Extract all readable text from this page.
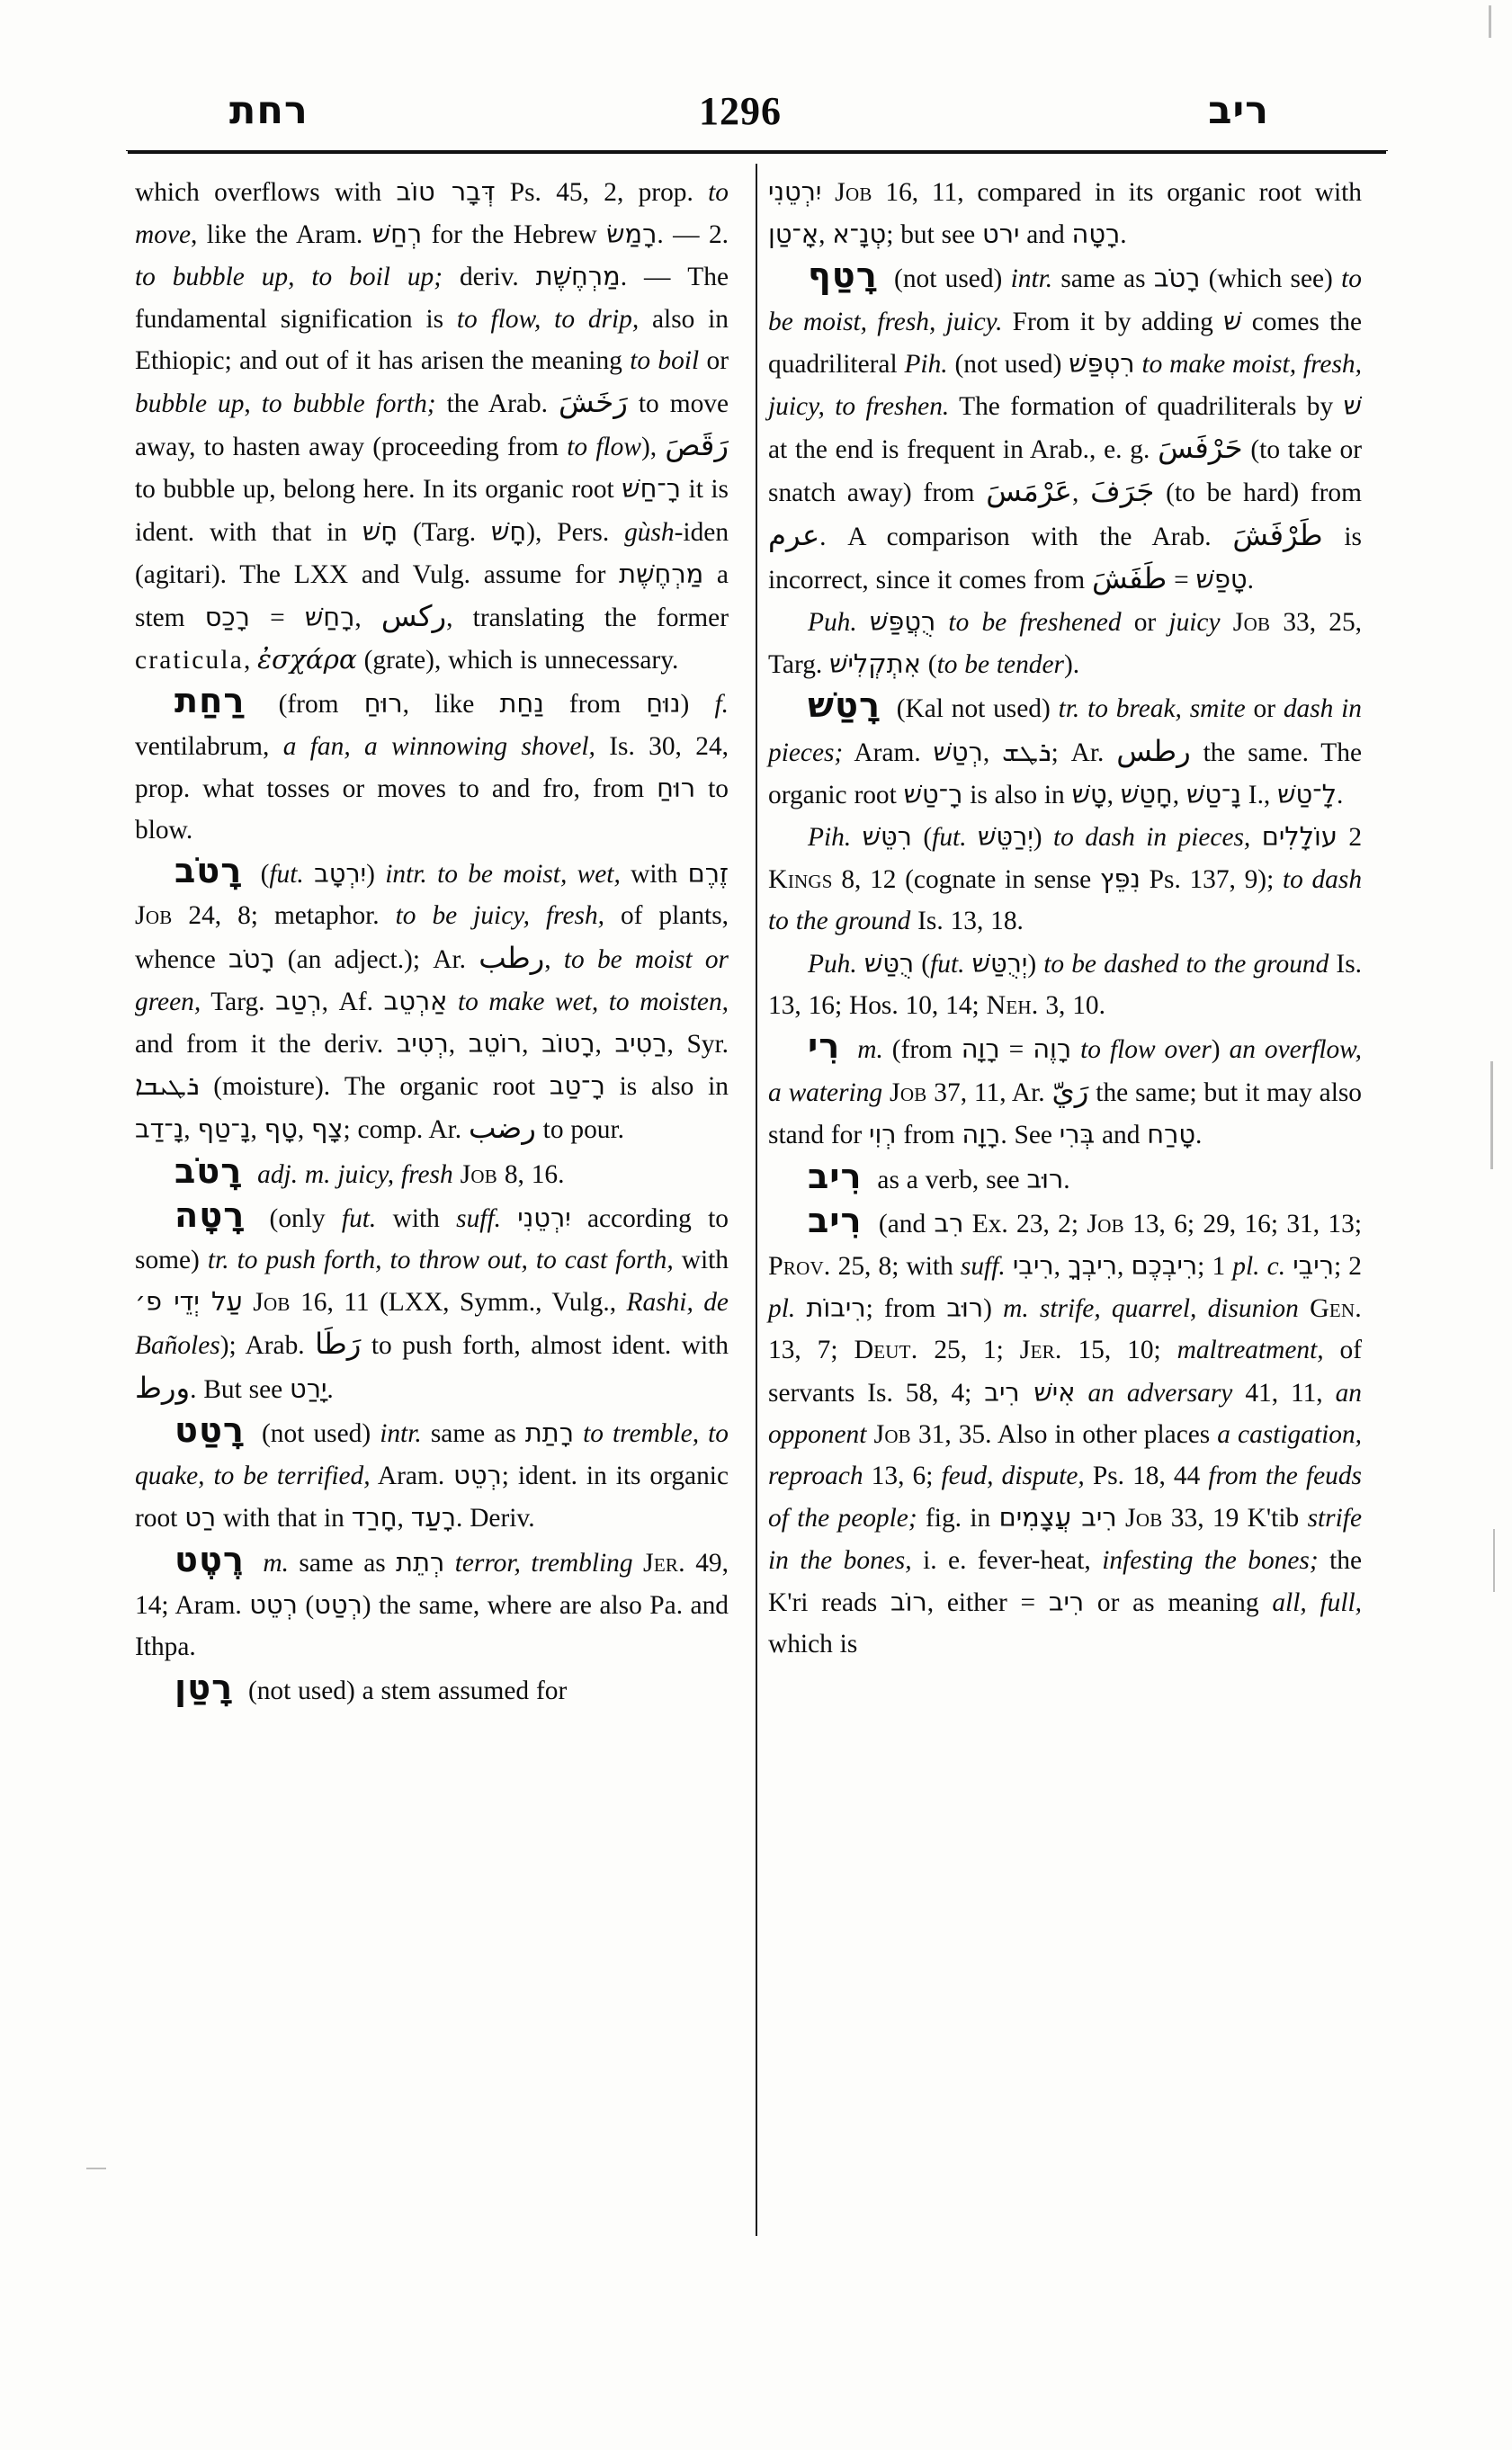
רחת	1296	ריב

which overflows with דְּבָר טוֹב Ps. 45, 2, prop. to move, like the Aram. רְחַשׁ for the Hebrew רָמַשׂ. — 2. to bubble up, to boil up; deriv. מַרְחֶשֶׁת. — The fundamental signification is to flow, to drip, also in Ethiopic; and out of it has arisen the meaning to boil or bubble up, to bubble forth; the Arab. رَخَشَ to move away, to hasten away (proceeding from to flow), رَقَصَ to bubble up, belong here. In its organic root רָ־חַשׁ it is ident. with that in חָשׁ (Targ. חָשׁ), Pers. gùsh-iden (agitari). The LXX and Vulg. assume for מַרְחֶשֶׁת a stem רָכַס = רָחַשׁ, ركس, translating the former craticula, ἐσχάρα (grate), which is unnecessary.

רַחַת (from רוּחַ, like נַחַת from נוּחַ) f. ventilabrum, a fan, a winnowing shovel, Is. 30, 24, prop. what tosses or moves to and fro, from רוּחַ to blow.

רָטֹב (fut. יִרְטָב) intr. to be moist, wet, with זֶרֶם Job 24, 8; metaphor. to be juicy, fresh, of plants, whence רָטֹב (an adject.); Ar. رطب, to be moist or green, Targ. רְטַב, Af. אַרְטֵב to make wet, to moisten, and from it the deriv. רְטִיב, רוֹטֵב, רָטוֹב, רַטִיב, Syr. ܪܛܝܒܐ (moisture). The organic root רָ־טַב is also in נָ־דַב, נָ־טַף, טָף, צָף; comp. Ar. رضب to pour.

רָטֹב adj. m. juicy, fresh Job 8, 16.

רָטָה (only fut. with suff. יִרְטֵנִי according to some) tr. to push forth, to throw out, to cast forth, with עַל יְדֵי פ׳ Job 16, 11 (LXX, Symm., Vulg., Rashi, de Bañoles); Arab. رَطَا to push forth, almost ident. with ورط. But see יָרַט.

רָטַט (not used) intr. same as רָתַת to tremble, to quake, to be terrified, Aram. רְטֵט; ident. in its organic root רַט with that in חָרַד, רָעַד. Deriv.

רֶטֶט m. same as רְתֵת terror, trembling Jer. 49, 14; Aram. רְטֵט (רְטַט) the same, where are also Pa. and Ithpa.

רָטַן (not used) a stem assumed for

יִרְטֵנִי Job 16, 11, compared in its organic root with אָ־טַן, טְנָ־א; but see ירט and רָטָה.

רָטַף (not used) intr. same as רָטֹב (which see) to be moist, fresh, juicy. From it by adding שׁ comes the quadriliteral Pih. (not used) רִטְפַּשׁ to make moist, fresh, juicy, to freshen. The formation of quadriliterals by שׁ at the end is frequent in Arab., e. g. حَرْفَسَ (to take or snatch away) from عَرْمَسَ, جَرَفَ (to be hard) from عرم. A comparison with the Arab. طَرْفَشَ is incorrect, since it comes from طَفَشَ = טָפַשׁ.

Puh. רֻטֲפַּשׁ to be freshened or juicy Job 33, 25, Targ. אִתְקְלִישׁ (to be tender).

רָטַשׁ (Kal not used) tr. to break, smite or dash in pieces; Aram. רְטַשׁ, ܪܛܫ; Ar. رطس the same. The organic root רָ־טַשׁ is also in טָשׁ, חָטַשׁ, נָ־טַשׁ I., לָ־טַשׁ.

Pih. רִטֵּשׁ (fut. יְרַטֵּשׁ) to dash in pieces, עוֹלָלִים 2 Kings 8, 12 (cognate in sense נִפֵּץ Ps. 137, 9); to dash to the ground Is. 13, 18.

Puh. רֻטַּשׁ (fut. יְרֻטַּשׁ) to be dashed to the ground Is. 13, 16; Hos. 10, 14; Neh. 3, 10.

רִי m. (from רָוָה = רָוֶה to flow over) an overflow, a watering Job 37, 11, Ar. رَيّ the same; but it may also stand for רְוִי from רָוָה. See בְּרִי and טָרַח.

רִיב as a verb, see רוּב.

רִיב (and רִב Ex. 23, 2; Job 13, 6; 29, 16; 31, 13; Prov. 25, 8; with suff. רִיבִי, רִיבְךָ, רִיבְכֶם; 1 pl. c. רִיבֵי; 2 pl. רִיבוֹת; from רוּב) m. strife, quarrel, disunion Gen. 13, 7; Deut. 25, 1; Jer. 15, 10; maltreatment, of servants Is. 58, 4; אִישׁ רִיב an adversary 41, 11, an opponent Job 31, 35. Also in other places a castigation, reproach 13, 6; feud, dispute, Ps. 18, 44 from the feuds of the people; fig. in רִיב עֲצָמִים Job 33, 19 K'tib strife in the bones, i. e. fever-heat, infesting the bones; the K'ri reads רוֹב, either = רִיב or as meaning all, full, which is
